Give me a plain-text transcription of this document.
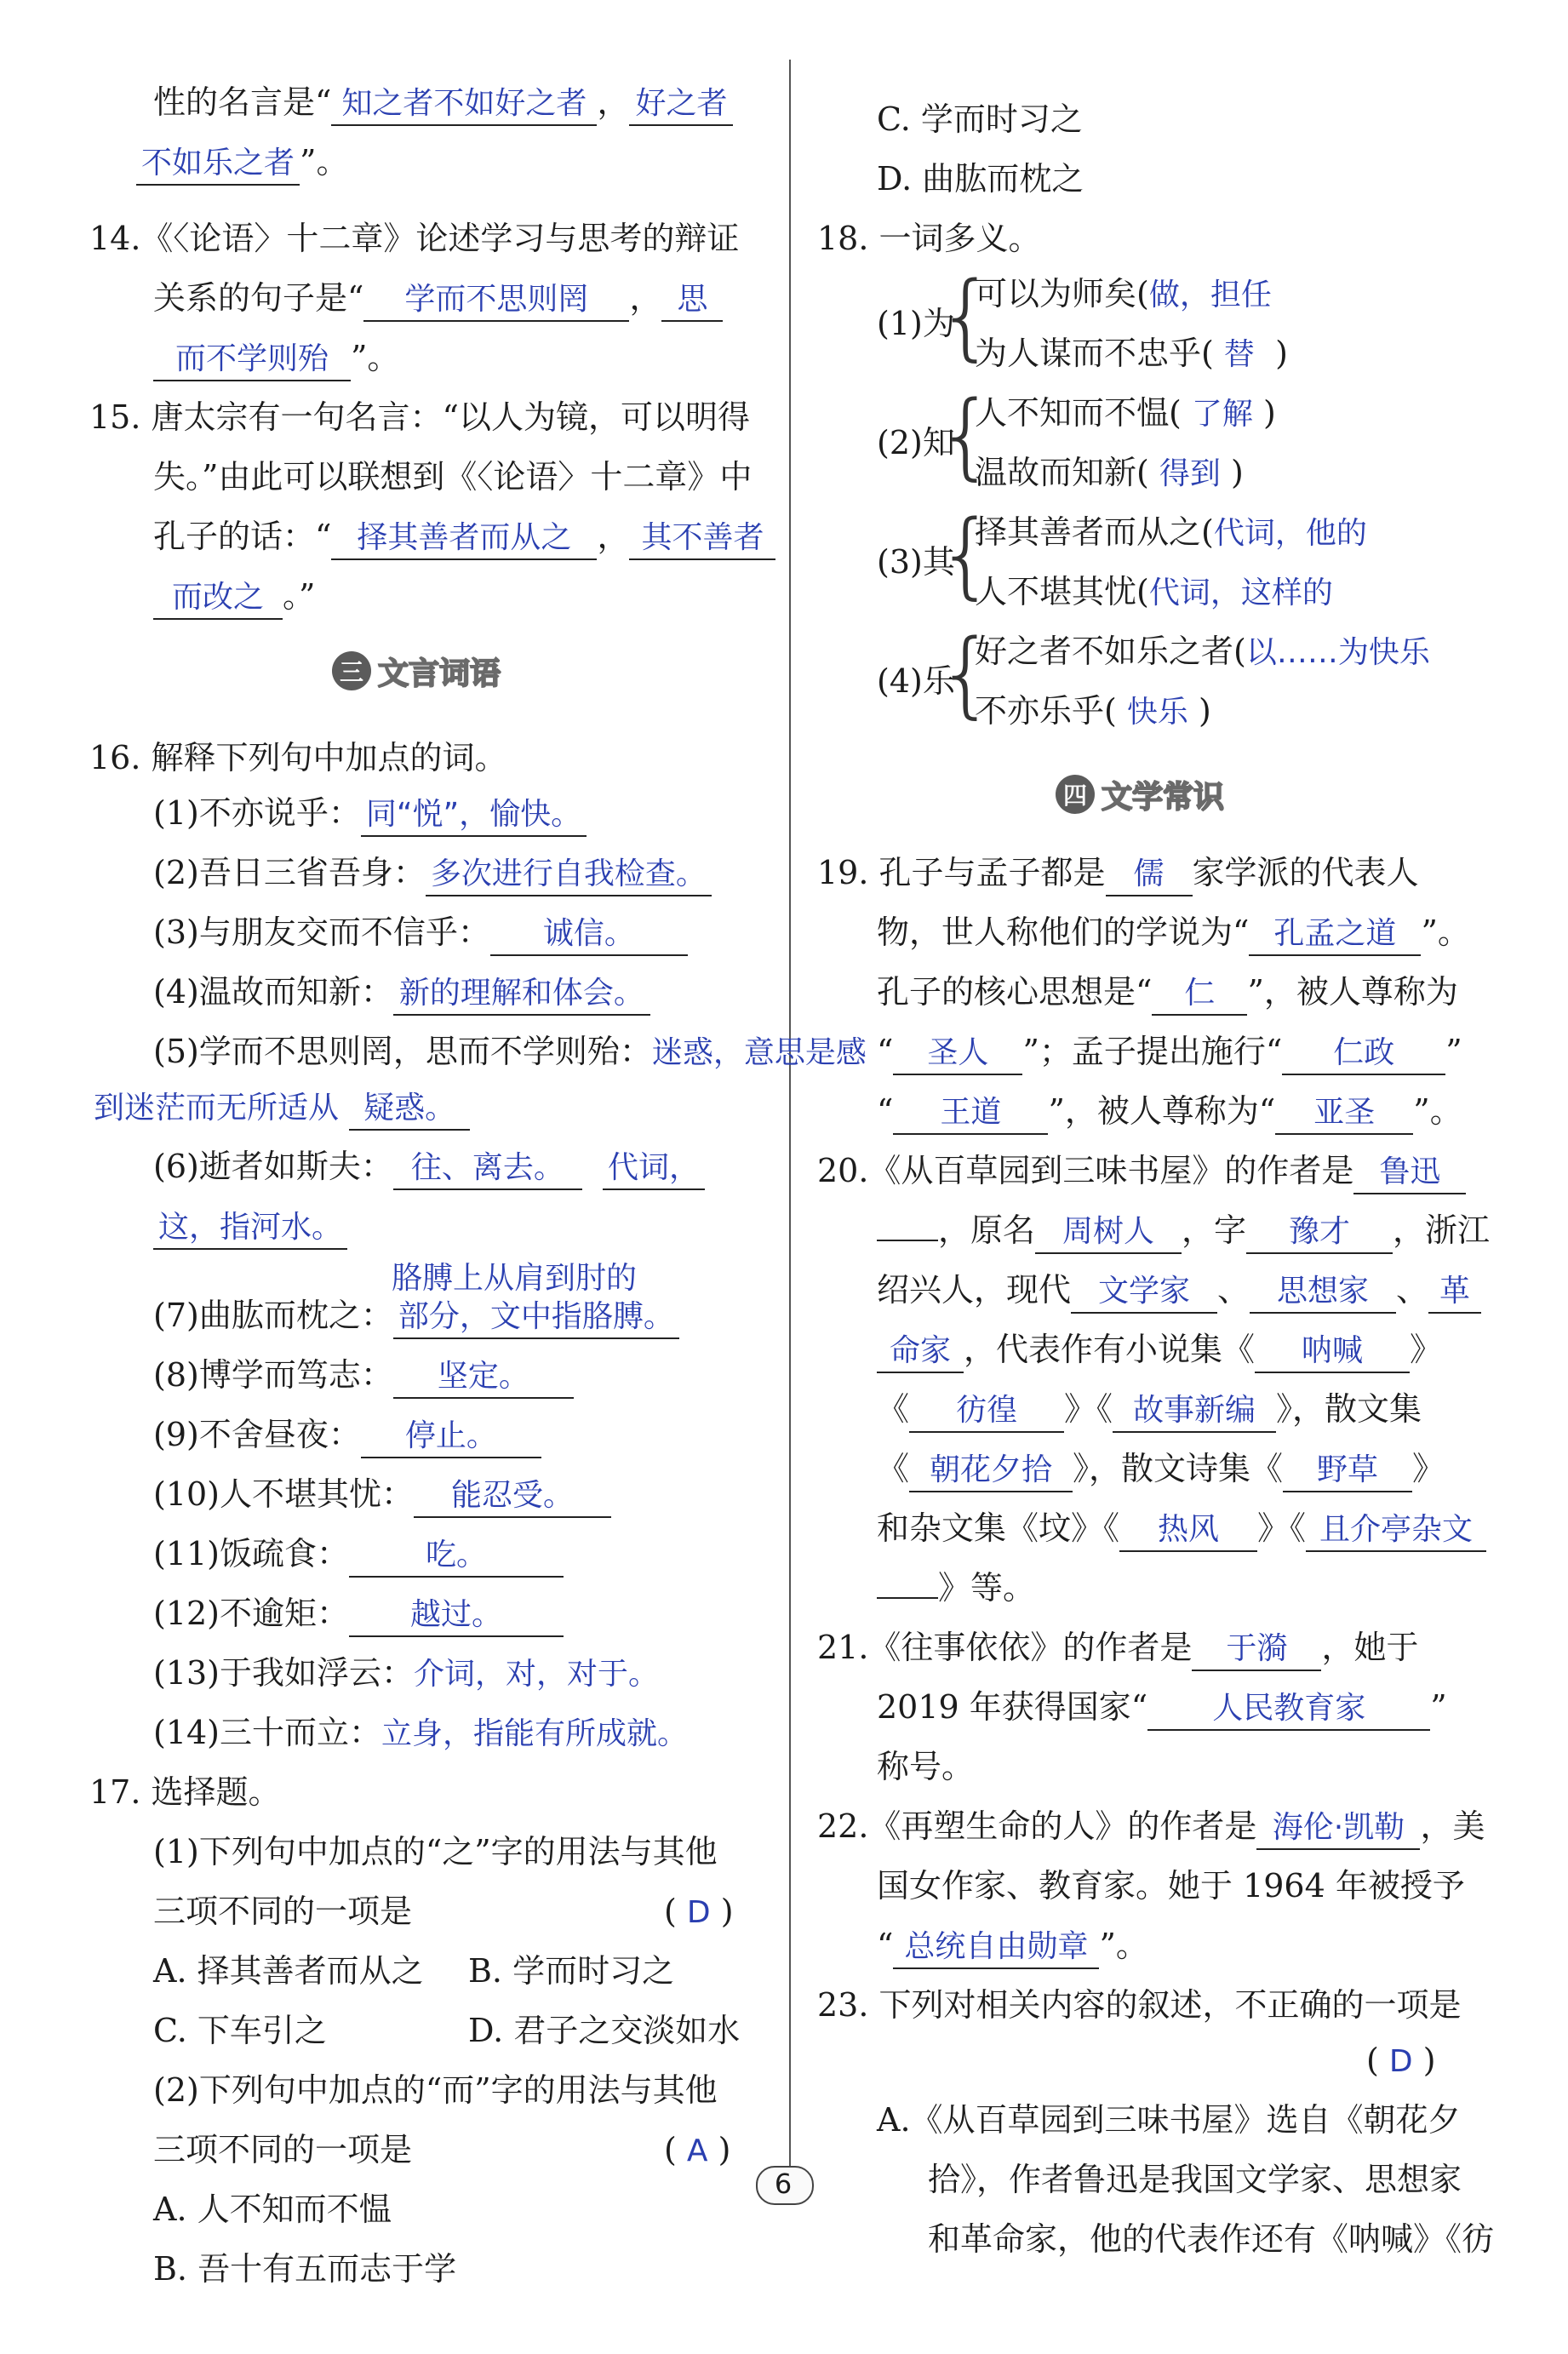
性的名言是“ 知之者不如好之者 ， 好之者
不如乐之者 ”。
14.《〈论语〉十二章》论述学习与思考的辩证
关系的句子是“ 学而不思则罔 ， 思
而不学则殆 ”。
15. 唐太宗有一句名言：“以人为镜，可以明得
失。”由此可以联想到《〈论语〉十二章》中
孔子的话：“ 择其善者而从之 ， 其不善者
而改之 。”
三 文言词语
16. 解释下列句中加点的词。
(1)不亦说乎： 同“悦”，愉快。
(2)吾日三省吾身： 多次进行自我检查。
(3)与朋友交而不信乎： 诚信。
(4)温故而知新： 新的理解和体会。
(5)学而不思则罔，思而不学则殆：迷惑，意思是感
到迷茫而无所适从 疑惑。
(6)逝者如斯夫： 往、离去。 代词，
这，指河水。
胳膊上从肩到肘的
(7)曲肱而枕之： 部分，文中指胳膊。
(8)博学而笃志： 坚定。
(9)不舍昼夜： 停止。
(10)人不堪其忧： 能忍受。
(11)饭疏食： 吃。
(12)不逾矩： 越过。
(13)于我如浮云：介词，对，对于。
(14)三十而立：立身，指能有所成就。
17. 选择题。
(1)下列句中加点的“之”字的用法与其他
三项不同的一项是	( D )
A. 择其善者而从之 B. 学而时习之
C. 下车引之	D. 君子之交淡如水
(2)下列句中加点的“而”字的用法与其他
三项不同的一项是	( A )
A. 人不知而不愠
B. 吾十有五而志于学
C. 学而时习之
D. 曲肱而枕之
18. 一词多义。
(1)为
{
可以为师矣(做，担任
为人谋而不忠乎( 替 )
(2)知
{
人不知而不愠( 了解 )
温故而知新( 得到 )
(3)其
{
择其善者而从之(代词，他的
人不堪其忧(代词，这样的
(4)乐
{
好之者不如乐之者(以……为快乐
不亦乐乎( 快乐 )
四 文学常识
19. 孔子与孟子都是 儒 家学派的代表人
物，世人称他们的学说为“ 孔孟之道 ”。
孔子的核心思想是“ 仁 ”，被人尊称为
“ 圣人 ”；孟子提出施行“ 仁政 ”
“ 王道 ”，被人尊称为“ 亚圣 ”。
20.《从百草园到三味书屋》的作者是 鲁迅
，原名 周树人 ，字 豫才 ，浙江
绍兴人，现代 文学家 、 思想家 、 革
命家 ，代表作有小说集《 呐喊 》
《 彷徨 》《 故事新编 》，散文集
《 朝花夕拾 》，散文诗集《 野草 》
和杂文集《坟》《 热风 》《 且介亭杂文
》等。
21.《往事依依》的作者是 于漪 ，她于
2019 年获得国家“ 人民教育家 ”
称号。
22.《再塑生命的人》的作者是 海伦·凯勒 ，美
国女作家、教育家。她于 1964 年被授予
“ 总统自由勋章 ”。
23. 下列对相关内容的叙述，不正确的一项是
( D )
A.《从百草园到三味书屋》选自《朝花夕
拾》，作者鲁迅是我国文学家、思想家
和革命家，他的代表作还有《呐喊》《彷
6
